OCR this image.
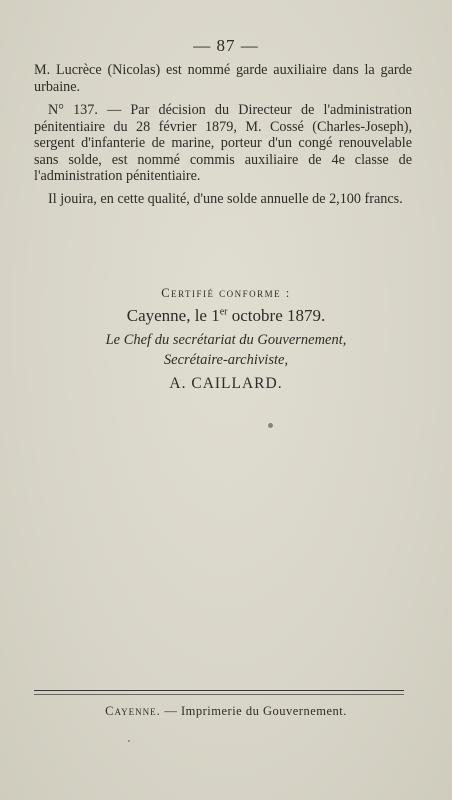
— 87 —
M. Lucrèce (Nicolas) est nommé garde auxiliaire dans la garde urbaine.
N° 137. — Par décision du Directeur de l'administration pénitentiaire du 28 février 1879, M. Cossé (Charles-Joseph), sergent d'infanterie de marine, porteur d'un congé renouvelable sans solde, est nommé commis auxiliaire de 4e classe de l'administration pénitentiaire.
Il jouira, en cette qualité, d'une solde annuelle de 2,100 francs.
Certifié conforme :
Cayenne, le 1er octobre 1879.
Le Chef du secrétariat du Gouvernement,
Secrétaire-archiviste,
A. CAILLARD.
Cayenne. — Imprimerie du Gouvernement.
